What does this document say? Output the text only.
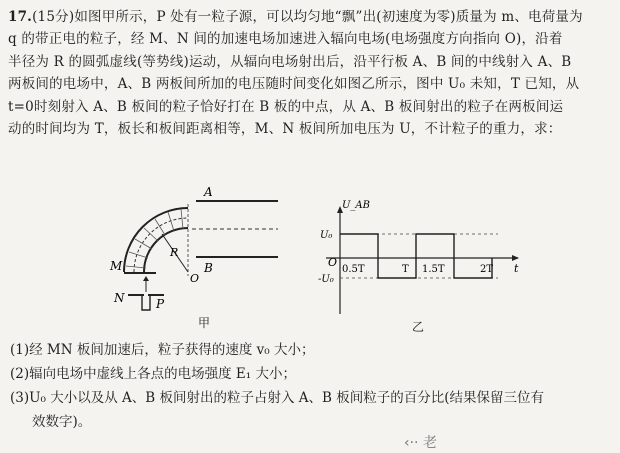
17.(15分)如图甲所示，P 处有一粒子源，可以均匀地“飘”出(初速度为零)质量为 m、电荷量为
q 的带正电的粒子，经 M、N 间的加速电场加速进入辐向电场(电场强度方向指向 O)，沿着
半径为 R 的圆弧虚线(等势线)运动，从辐向电场射出后，沿平行板 A、B 间的中线射入 A、B
两板间的电场中，A、B 两板间所加的电压随时间变化如图乙所示，图中 U₀ 未知，T 已知，从
t=0时刻射入 A、B 板间的粒子恰好打在 B 板的中点，从 A、B 板间射出的粒子在两板间运
动的时间均为 T，板长和板间距离相等，M、N 板间所加电压为 U，不计粒子的重力，求：
A
B
R
O
M
N	P
甲
U_AB
t
O
U₀
-U₀
0.5T	T 1.5T	2T
乙

(1)经 MN 板间加速后，粒子获得的速度 v₀ 大小；
(2)辐向电场中虚线上各点的电场强度 E₁ 大小；
(3)U₀ 大小以及从 A、B 板间射出的粒子占射入 A、B 板间粒子的百分比(结果保留三位有
效数字)。
‹·· 老
